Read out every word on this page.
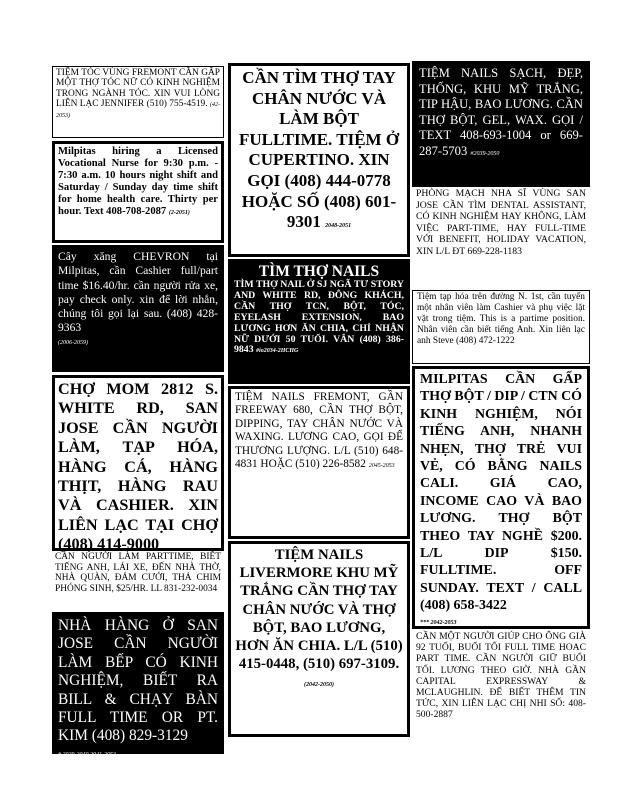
TIỆM TÓC VÙNG FREMONT CẦN GẤP MỘT THỢ TÓC NỮ CÓ KINH NGHIỆM TRONG NGÀNH TÓC. XIN VUI LÒNG LIÊN LẠC JENNIFER (510) 755-4519. (42-2053)
Milpitas hiring a Licensed Vocational Nurse for 9:30 p.m. - 7:30 a.m. 10 hours night shift and Saturday / Sunday day time shift for home health care. Thirty per hour. Text 408-708-2087 (2-2051)
Cây xăng CHEVRON tại Milpitas, cần Cashier full/part time $16.40/hr. cần người rửa xe, pay check only. xin để lời nhắn, chúng tôi gọi lại sau. (408) 428-9363
(2006-2059)
CHỢ MOM 2812 S. WHITE RD, SAN JOSE CẦN NGƯỜI LÀM, TẠP HÓA, HÀNG CÁ, HÀNG THỊT, HÀNG RAU VÀ CASHIER. XIN LIÊN LẠC TẠI CHỢ (408) 414-9000
CẦN NGƯỜI LÀM PARTTIME, BIẾT TIẾNG ANH, LÁI XE, ĐẾN NHÀ THỜ, NHÀ QUÀN, ĐÁM CƯỚI, THẢ CHIM PHÓNG SINH, $25/HR. LL 831-232-0034
NHÀ HÀNG Ở SAN JOSE CẦN NGƯỜI LÀM BẾP CÓ KINH NGHIỆM, BIẾT RA BILL & CHẠY BÀN FULL TIME OR PT. KIM (408) 829-3129
# 2029-2040 2041-2053
CẦN TÌM THỢ TAY CHÂN NƯỚC VÀ LÀM BỘT FULLTIME. TIỆM Ở CUPERTINO. XIN GỌI (408) 444-0778 HOẶC SỐ (408) 601-9301 2048-2051
TÌM THỢ NAILS
TÌM THỢ NAIL Ở SJ NGÃ TƯ STORY AND WHITE RD, ĐÔNG KHÁCH, CẦN THỢ TCN, BỘT, TÓC, EYELASH EXTENSION, BAO LƯƠNG HƠN ĂN CHIA, CHỈ NHẬN NỮ DƯỚI 50 TUỔI. VÂN (408) 386-9843 #io2034-2HCHG
TIỆM NAILS FREMONT, GẦN FREEWAY 680, CẦN THỢ BỘT, DIPPING, TAY CHÂN NƯỚC VÀ WAXING. LƯƠNG CAO, GỌI ĐỂ THƯƠNG LƯỢNG. L/L (510) 648-4831 HOẶC (510) 226-8582 2045-2053
TIỆM NAILS LIVERMORE KHU MỸ TRẮNG CẦN THỢ TAY CHÂN NƯỚC VÀ THỢ BỘT, BAO LƯƠNG, HƠN ĂN CHIA. L/L (510) 415-0448, (510) 697-3109. (2042-2050)
TIỆM NAILS SẠCH, ĐẸP, THỐNG, KHU MỸ TRẮNG, TIP HẬU, BAO LƯƠNG. CẦN THỢ BỘT, GEL, WAX. GỌI / TEXT 408-693-1004 or 669-287-5703 #2039-2050
PHÒNG MẠCH NHA SĨ VÙNG SAN JOSE CẦN TÌM DENTAL ASSISTANT, CÓ KINH NGHIỆM HAY KHÔNG, LÀM VIỆC PART-TIME, HAY FULL-TIME VỚI BENEFIT, HOLIDAY VACATION, XIN L/L ĐT 669-228-1183
Tiệm tạp hóa trên đường N. 1st, cần tuyển một nhân viên làm Cashier và phụ việc lặt vặt trong tiệm. This is a partime position. Nhân viên cần biết tiếng Anh. Xin liên lạc anh Steve (408) 472-1222
MILPITAS CẦN GẤP THỢ BỘT / DIP / CTN CÓ KINH NGHIỆM, NÓI TIẾNG ANH, NHANH NHẸN, THỢ TRẺ VUI VẺ, CÓ BẰNG NAILS CALI. GIÁ CAO, INCOME CAO VÀ BAO LƯƠNG. THỢ BỘT THEO TAY NGHỀ $200. L/L DIP $150. FULLTIME. OFF SUNDAY. TEXT / CALL (408) 658-3422
*** 2042-2053
CẦN MỘT NGƯỜI GIÚP CHO ÔNG GIÀ 92 TUỔI, BUỔI TỐI FULL TIME HOAC PART TIME. CẦN NGƯỜI GIỮ BUỔI TỐI. LƯƠNG THEO GIỜ. NHÀ GẦN CAPITAL EXPRESSWAY & MCLAUGHLIN. ĐỂ BIẾT THÊM TIN TỨC, XIN LIÊN LẠC CHỊ NHI SỐ: 408-500-2887
